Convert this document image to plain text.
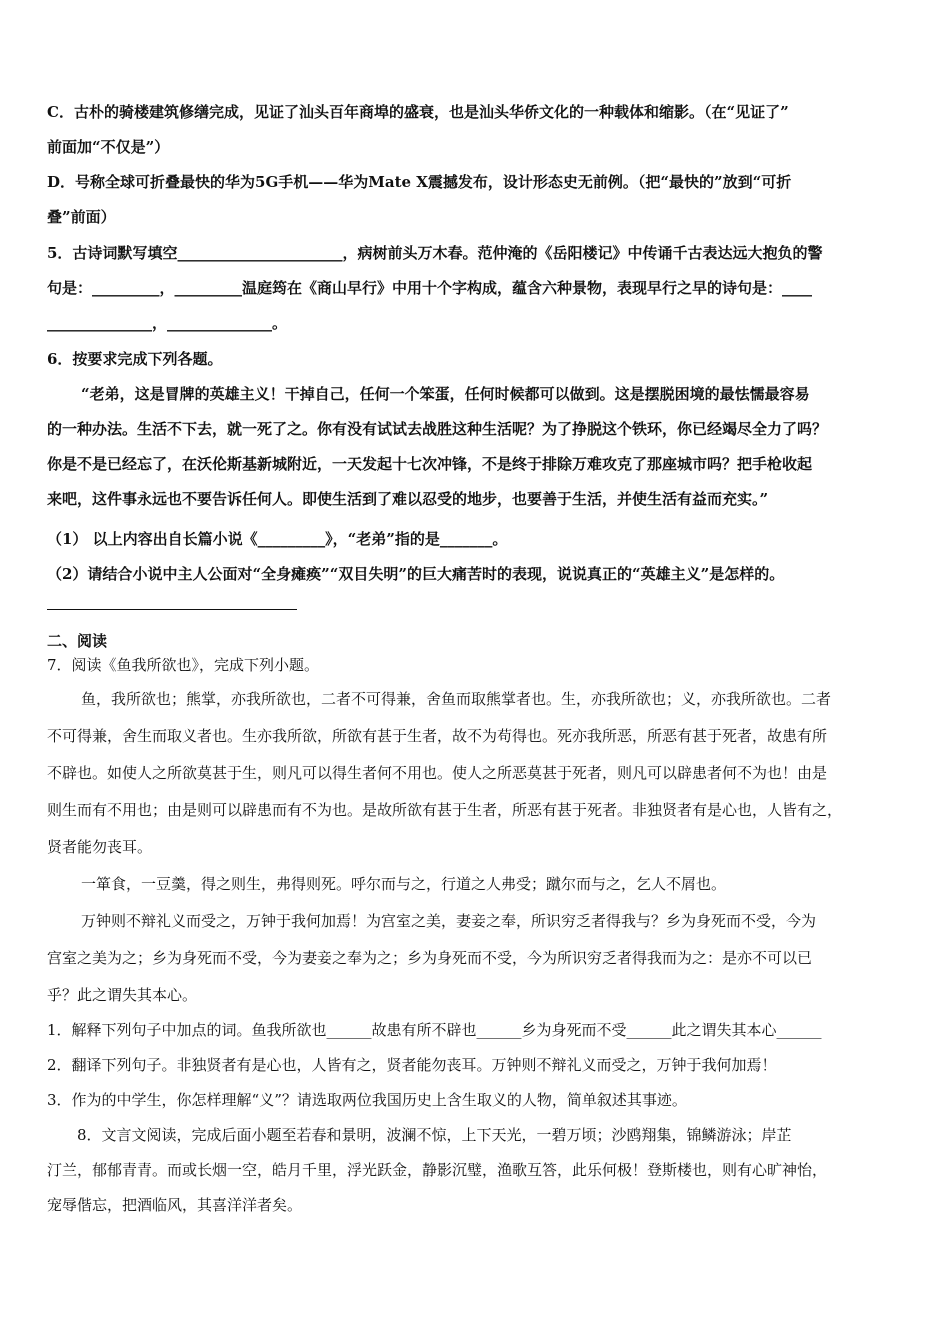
C．古朴的骑楼建筑修缮完成，见证了汕头百年商埠的盛衰，也是汕头华侨文化的一种载体和缩影。（在“见证了”
前面加“不仅是”）
D．号称全球可折叠最快的华为5G手机——华为Mate X震撼发布，设计形态史无前例。（把“最快的”放到“可折
叠”前面）
5．古诗词默写填空______________________，病树前头万木春。范仲淹的《岳阳楼记》中传诵千古表达远大抱负的警
句是：_________，_________温庭筠在《商山早行》中用十个字构成，蕴含六种景物，表现早行之早的诗句是：____
______________，______________。
6．按要求完成下列各题。
“老弟，这是冒牌的英雄主义！干掉自己，任何一个笨蛋，任何时候都可以做到。这是摆脱困境的最怯懦最容易
的一种办法。生活不下去，就一死了之。你有没有试试去战胜这种生活呢？为了挣脱这个铁环，你已经竭尽全力了吗？
你是不是已经忘了，在沃伦斯基新城附近，一天发起十七次冲锋，不是终于排除万难攻克了那座城市吗？把手枪收起
来吧，这件事永远也不要告诉任何人。即使生活到了难以忍受的地步，也要善于生活，并使生活有益而充实。”
（1） 以上内容出自长篇小说《_________》，“老弟”指的是_______。
（2）请结合小说中主人公面对“全身瘫痪”“双目失明”的巨大痛苦时的表现，说说真正的“英雄主义”是怎样的。
二、阅读
7．阅读《鱼我所欲也》，完成下列小题。
鱼，我所欲也；熊掌，亦我所欲也，二者不可得兼，舍鱼而取熊掌者也。生，亦我所欲也；义，亦我所欲也。二者
不可得兼，舍生而取义者也。生亦我所欲，所欲有甚于生者，故不为苟得也。死亦我所恶，所恶有甚于死者，故患有所
不辟也。如使人之所欲莫甚于生，则凡可以得生者何不用也。使人之所恶莫甚于死者，则凡可以辟患者何不为也！由是
则生而有不用也；由是则可以辟患而有不为也。是故所欲有甚于生者，所恶有甚于死者。非独贤者有是心也，人皆有之，
贤者能勿丧耳。
一箪食，一豆羹，得之则生，弗得则死。呼尔而与之，行道之人弗受；蹴尔而与之，乞人不屑也。
万钟则不辩礼义而受之，万钟于我何加焉！为宫室之美，妻妾之奉，所识穷乏者得我与？乡为身死而不受，今为
宫室之美为之；乡为身死而不受，今为妻妾之奉为之；乡为身死而不受，今为所识穷乏者得我而为之：是亦不可以已
乎？此之谓失其本心。
1．解释下列句子中加点的词。鱼我所欲也______故患有所不辟也______乡为身死而不受______此之谓失其本心______
2．翻译下列句子。非独贤者有是心也，人皆有之，贤者能勿丧耳。万钟则不辩礼义而受之，万钟于我何加焉！
3．作为的中学生，你怎样理解“义”？请选取两位我国历史上含生取义的人物，简单叙述其事迹。
8．文言文阅读，完成后面小题至若春和景明，波澜不惊，上下天光，一碧万顷；沙鸥翔集，锦鳞游泳；岸芷
汀兰，郁郁青青。而或长烟一空，皓月千里，浮光跃金，静影沉璧，渔歌互答，此乐何极！登斯楼也，则有心旷神怡，
宠辱偕忘，把酒临风，其喜洋洋者矣。
